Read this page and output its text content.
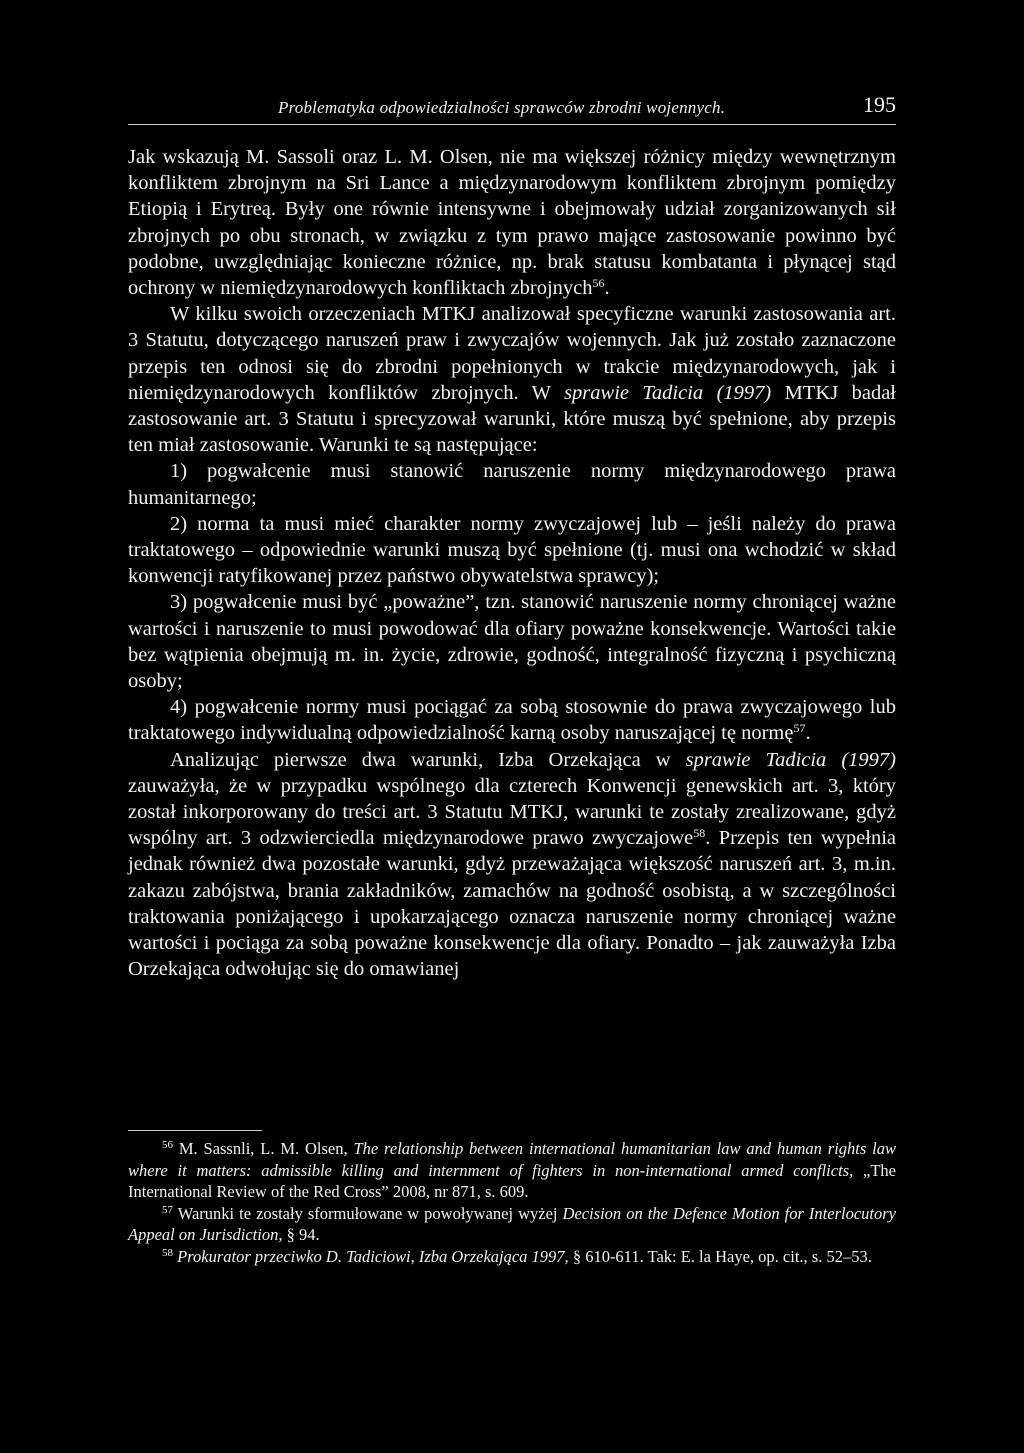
Problematyka odpowiedzialności sprawców zbrodni wojennych.	195

Jak wskazują M. Sassoli oraz L. M. Olsen, nie ma większej różnicy między wewnętrznym konfliktem zbrojnym na Sri Lance a międzynarodowym konfliktem zbrojnym pomiędzy Etiopią i Erytreą. Były one równie intensywne i obejmowały udział zorganizowanych sił zbrojnych po obu stronach, w związku z tym prawo mające zastosowanie powinno być podobne, uwzględniając konieczne różnice, np. brak statusu kombatanta i płynącej stąd ochrony w niemiędzynarodowych konfliktach zbrojnych$^{56}$.

W kilku swoich orzeczeniach MTKJ analizował specyficzne warunki zastosowania art. 3 Statutu, dotyczącego naruszeń praw i zwyczajów wojennych. Jak już zostało zaznaczone przepis ten odnosi się do zbrodni popełnionych w trakcie międzynarodowych, jak i niemiędzynarodowych konfliktów zbrojnych. W sprawie Tadicia (1997) MTKJ badał zastosowanie art. 3 Statutu i sprecyzował warunki, które muszą być spełnione, aby przepis ten miał zastosowanie. Warunki te są następujące:

1) pogwałcenie musi stanowić naruszenie normy międzynarodowego prawa humanitarnego;

2) norma ta musi mieć charakter normy zwyczajowej lub – jeśli należy do prawa traktatowego – odpowiednie warunki muszą być spełnione (tj. musi ona wchodzić w skład konwencji ratyfikowanej przez państwo obywatelstwa sprawcy);

3) pogwałcenie musi być „poważne”, tzn. stanowić naruszenie normy chroniącej ważne wartości i naruszenie to musi powodować dla ofiary poważne konsekwencje. Wartości takie bez wątpienia obejmują m. in. życie, zdrowie, godność, integralność fizyczną i psychiczną osoby;

4) pogwałcenie normy musi pociągać za sobą stosownie do prawa zwyczajowego lub traktatowego indywidualną odpowiedzialność karną osoby naruszającej tę normę$^{57}$.

Analizując pierwsze dwa warunki, Izba Orzekająca w sprawie Tadicia (1997) zauważyła, że w przypadku wspólnego dla czterech Konwencji genewskich art. 3, który został inkorporowany do treści art. 3 Statutu MTKJ, warunki te zostały zrealizowane, gdyż wspólny art. 3 odzwierciedla międzynarodowe prawo zwyczajowe$^{58}$. Przepis ten wypełnia jednak również dwa pozostałe warunki, gdyż przeważająca większość naruszeń art. 3, m.in. zakazu zabójstwa, brania zakładników, zamachów na godność osobistą, a w szczególności traktowania poniżającego i upokarzającego oznacza naruszenie normy chroniącej ważne wartości i pociąga za sobą poważne konsekwencje dla ofiary. Ponadto – jak zauważyła Izba Orzekająca odwołując się do omawianej

$^{56}$ M. Sassnli, L. M. Olsen, The relationship between international humanitarian law and human rights law where it matters: admissible killing and internment of fighters in non-international armed conflicts, „The International Review of the Red Cross” 2008, nr 871, s. 609.

$^{57}$ Warunki te zostały sformułowane w powoływanej wyżej Decision on the Defence Motion for Interlocutory Appeal on Jurisdiction, § 94.

$^{58}$ Prokurator przeciwko D. Tadiciowi, Izba Orzekająca 1997, § 610-611. Tak: E. la Haye, op. cit., s. 52–53.
